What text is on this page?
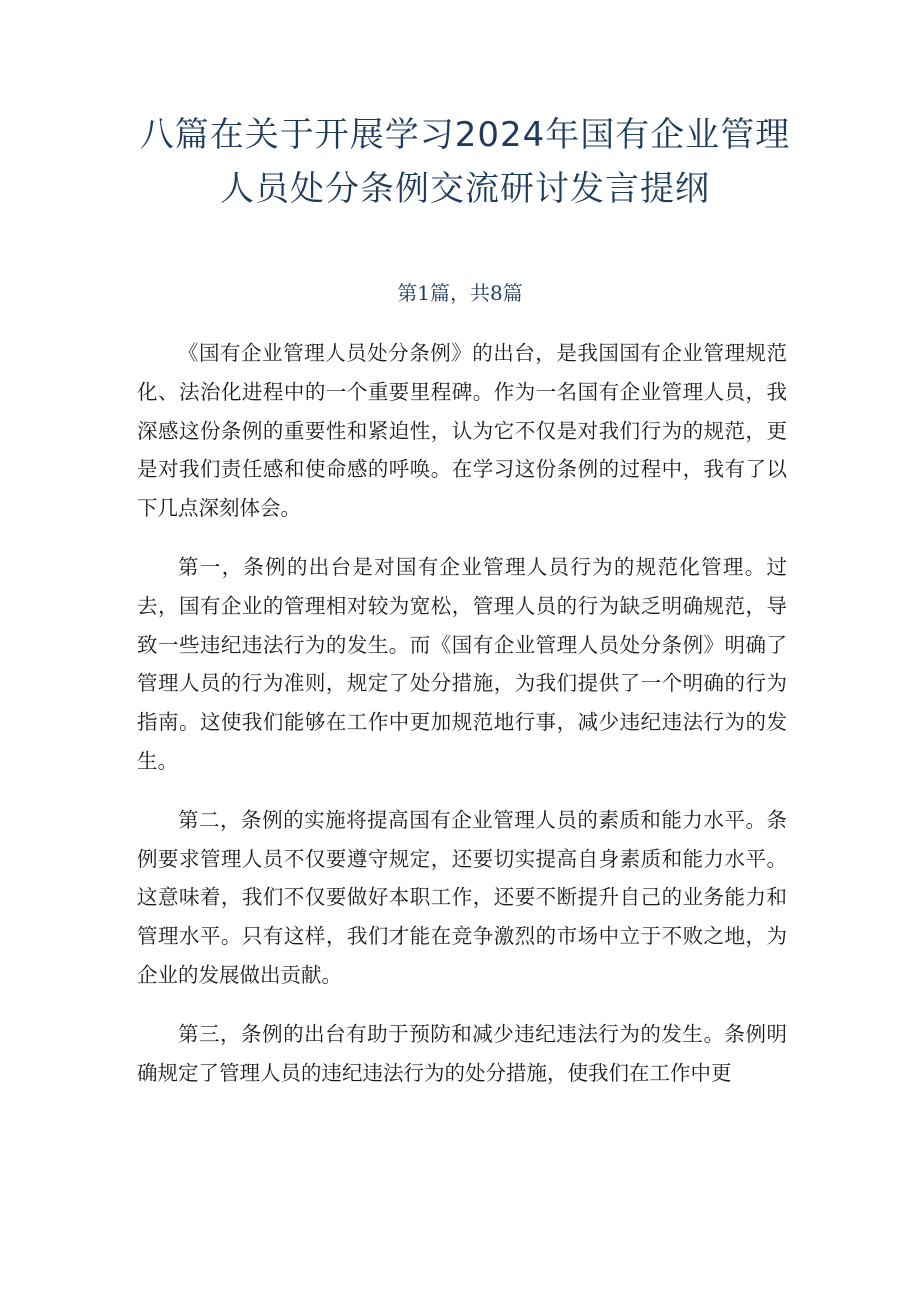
八篇在关于开展学习2024年国有企业管理
人员处分条例交流研讨发言提纲
第1篇，共8篇

《国有企业管理人员处分条例》的出台，是我国国有企业管理规范化、法治化进程中的一个重要里程碑。作为一名国有企业管理人员，我深感这份条例的重要性和紧迫性，认为它不仅是对我们行为的规范，更是对我们责任感和使命感的呼唤。在学习这份条例的过程中，我有了以下几点深刻体会。

第一，条例的出台是对国有企业管理人员行为的规范化管理。过去，国有企业的管理相对较为宽松，管理人员的行为缺乏明确规范，导致一些违纪违法行为的发生。而《国有企业管理人员处分条例》明确了管理人员的行为准则，规定了处分措施，为我们提供了一个明确的行为指南。这使我们能够在工作中更加规范地行事，减少违纪违法行为的发生。

第二，条例的实施将提高国有企业管理人员的素质和能力水平。条例要求管理人员不仅要遵守规定，还要切实提高自身素质和能力水平。这意味着，我们不仅要做好本职工作，还要不断提升自己的业务能力和管理水平。只有这样，我们才能在竞争激烈的市场中立于不败之地，为企业的发展做出贡献。

第三，条例的出台有助于预防和减少违纪违法行为的发生。条例明确规定了管理人员的违纪违法行为的处分措施，使我们在工作中更
